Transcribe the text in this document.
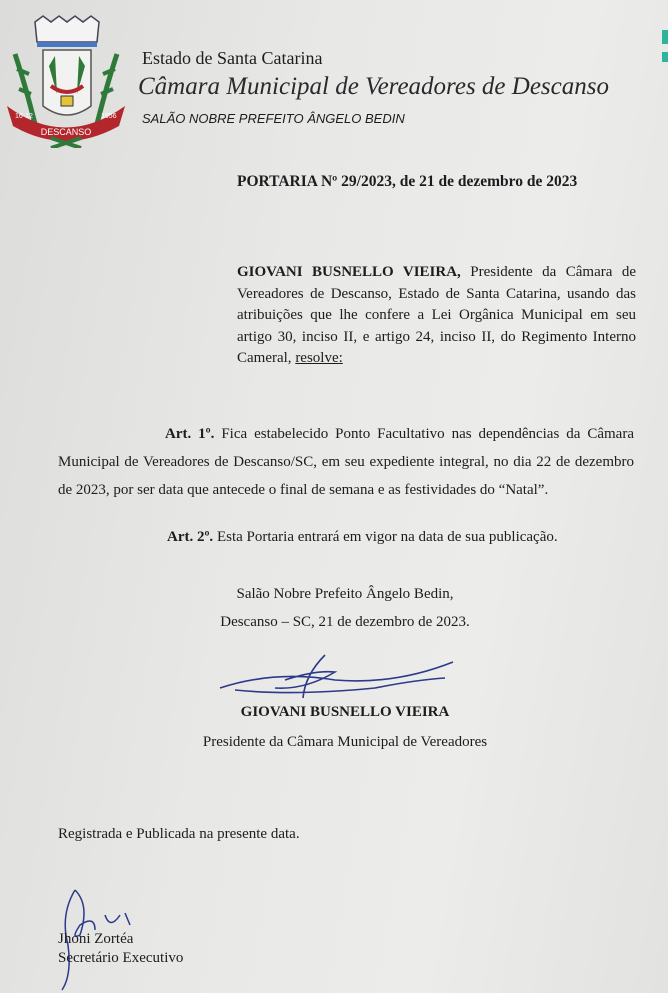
DESCANSO
16-12	1956
Estado de Santa Catarina
Câmara Municipal de Vereadores de Descanso
SALÃO NOBRE PREFEITO ÂNGELO BEDIN
PORTARIA Nº 29/2023, de 21 de dezembro de 2023
GIOVANI BUSNELLO VIEIRA, Presidente da Câmara de Vereadores de Descanso, Estado de Santa Catarina, usando das atribuições que lhe confere a Lei Orgânica Municipal em seu artigo 30, inciso II, e artigo 24, inciso II, do Regimento Interno Cameral, resolve:
Art. 1º. Fica estabelecido Ponto Facultativo nas dependências da Câmara Municipal de Vereadores de Descanso/SC, em seu expediente integral, no dia 22 de dezembro de 2023, por ser data que antecede o final de semana e as festividades do “Natal”.
Art. 2º. Esta Portaria entrará em vigor na data de sua publicação.
Salão Nobre Prefeito Ângelo Bedin,
Descanso – SC, 21 de dezembro de 2023.
GIOVANI BUSNELLO VIEIRA
Presidente da Câmara Municipal de Vereadores
Registrada e Publicada na presente data.
Jhoni Zortéa
Secretário Executivo
